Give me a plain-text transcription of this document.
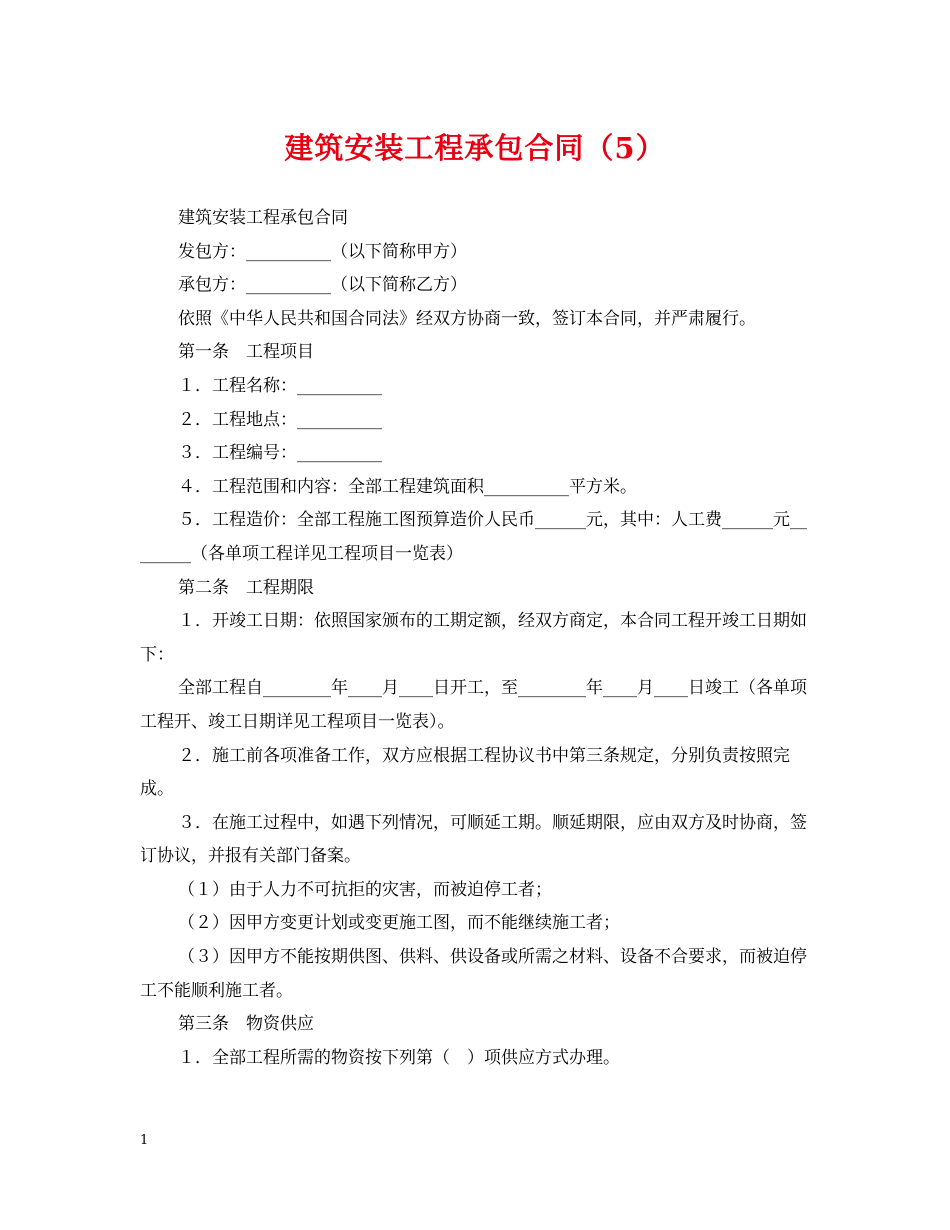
建筑安装工程承包合同（5）

建筑安装工程承包合同

发包方：__________（以下简称甲方）

承包方：__________（以下简称乙方）

依照《中华人民共和国合同法》经双方协商一致，签订本合同，并严肃履行。

第一条　工程项目

１．工程名称：__________

２．工程地点：__________

３．工程编号：__________

４．工程范围和内容：全部工程建筑面积__________平方米。

５．工程造价：全部工程施工图预算造价人民币______元，其中：人工费______元________（各单项工程详见工程项目一览表）

第二条　工程期限

１．开竣工日期：依照国家颁布的工期定额，经双方商定，本合同工程开竣工日期如下：

全部工程自________年____月____日开工，至________年____月____日竣工（各单项工程开、竣工日期详见工程项目一览表）。

２．施工前各项准备工作，双方应根据工程协议书中第三条规定，分别负责按照完成。

３．在施工过程中，如遇下列情况，可顺延工期。顺延期限，应由双方及时协商，签订协议，并报有关部门备案。

（１）由于人力不可抗拒的灾害，而被迫停工者；

（２）因甲方变更计划或变更施工图，而不能继续施工者；

（３）因甲方不能按期供图、供料、供设备或所需之材料、设备不合要求，而被迫停工不能顺利施工者。

第三条　物资供应

１．全部工程所需的物资按下列第（　）项供应方式办理。

1
